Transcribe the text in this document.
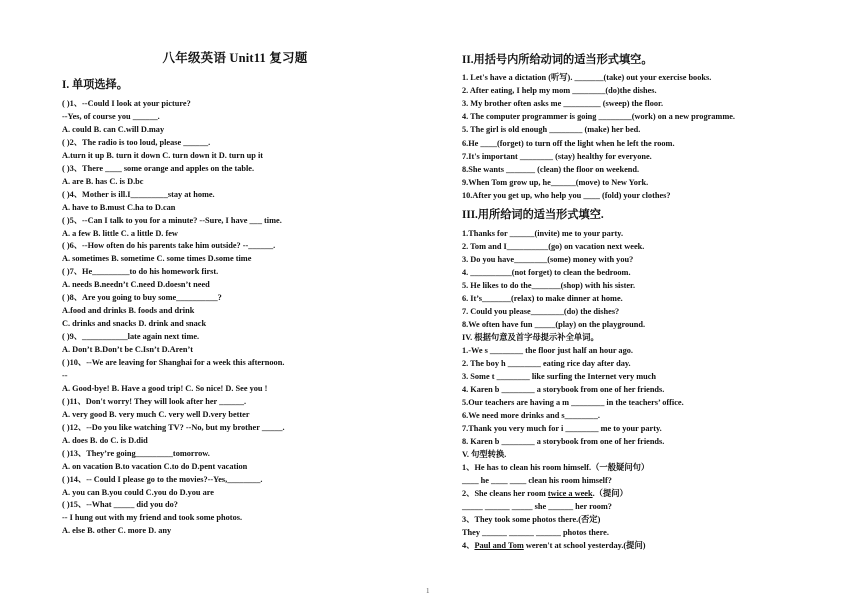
八年级英语 Unit11 复习题
I. 单项选择。
( )1、--Could I look at your picture?
--Yes, of course you ______.
A. could B. can C.will D.may
( )2、The radio is too loud, please ______.
A.turn it up B. turn it down C. turn down it D. turn up it
( )3、There ____ some orange and apples on the table.
A. are B. has C. is D.bc
( )4、Mother is ill.I_________stay at home.
A. have to B.must C.ha to D.can
( )5、--Can I talk to you for a minute? --Sure, I have ___ time.
A. a few B. little C. a little D. few
( )6、--How often do his parents take him outside? --______.
A. sometimes B. sometime C. some times D.some time
( )7、He_________to do his homework first.
A. needs B.needn’t C.need D.doesn’t need
( )8、Are you going to buy some__________?
A.food and drinks B. foods and drink
C. drinks and snacks D. drink and snack
( )9、___________late again next time.
A. Don’t B.Don’t be C.Isn’t D.Aren’t
( )10、--We are leaving for Shanghai for a week this afternoon.
--
A. Good-bye! B. Have a good trip! C. So nice! D. See you !
( )11、Don't worry! They will look after her ______.
A. very good B. very much C. very well D.very better
( )12、--Do you like watching TV? --No, but my brother _____.
A. does B. do C. is D.did
( )13、They’re going_________tomorrow.
A. on vacation B.to vacation C.to do D.pent vacation
( )14、-- Could I please go to the movies?--Yes,________.
A. you can B.you could C.you do D.you are
( )15、--What _____ did you do?
-- I hung out with my friend and took some photos.
A. else B. other C. more D. any
II.用括号内所给动词的适当形式填空。
1. Let's have a dictation (听写). _______(take) out your exercise books.
2. After eating, I help my mom ________(do)the dishes.
3. My brother often asks me _________ (sweep) the floor.
4. The computer programmer is going ________(work) on a new programme.
5. The girl is old enough ________ (make) her bed.
6.He ____(forget) to turn off the light when he left the room.
7.It's important ________ (stay) healthy for everyone.
8.She wants _______ (clean) the floor on weekend.
9.When Tom grow up, he______(move) to New York.
10.After you get up, who help you ____ (fold) your clothes?
III.用所给词的适当形式填空.
1.Thanks for ______(invite) me to your party.
2. Tom and I__________(go) on vacation next week.
3. Do you have________(some) money with you?
4. __________(not forget) to clean the bedroom.
5. He likes to do the_______(shop) with his sister.
6. It’s_______(relax) to make dinner at home.
7. Could you please________(do) the dishes?
8.We often have fun _____(play) on the playground.
IV. 根据句意及首字母提示补全单词。
1.-We s ________ the floor just half an hour ago.
2. The boy h ________ eating rice day after day.
3. Some t ________ like surfing the Internet very much
4. Karen b ________ a storybook from one of her friends.
5.Our teachers are having a m ________ in the teachers’ office.
6.We need more drinks and s________.
7.Thank you very much for i ________ me to your party.
8. Karen b ________ a storybook from one of her friends.
V. 句型转换.
1、He has to clean his room himself.（一般疑问句）
____ he ____ ____ clean his room himself?
2、She cleans her room twice a week.（提问）
_____ ______ _____ she ______ her room?
3、They took some photos there.(否定)
They ______ ______ ______ photos there.
4、Paul and Tom weren't at school yesterday.(提问)
1
